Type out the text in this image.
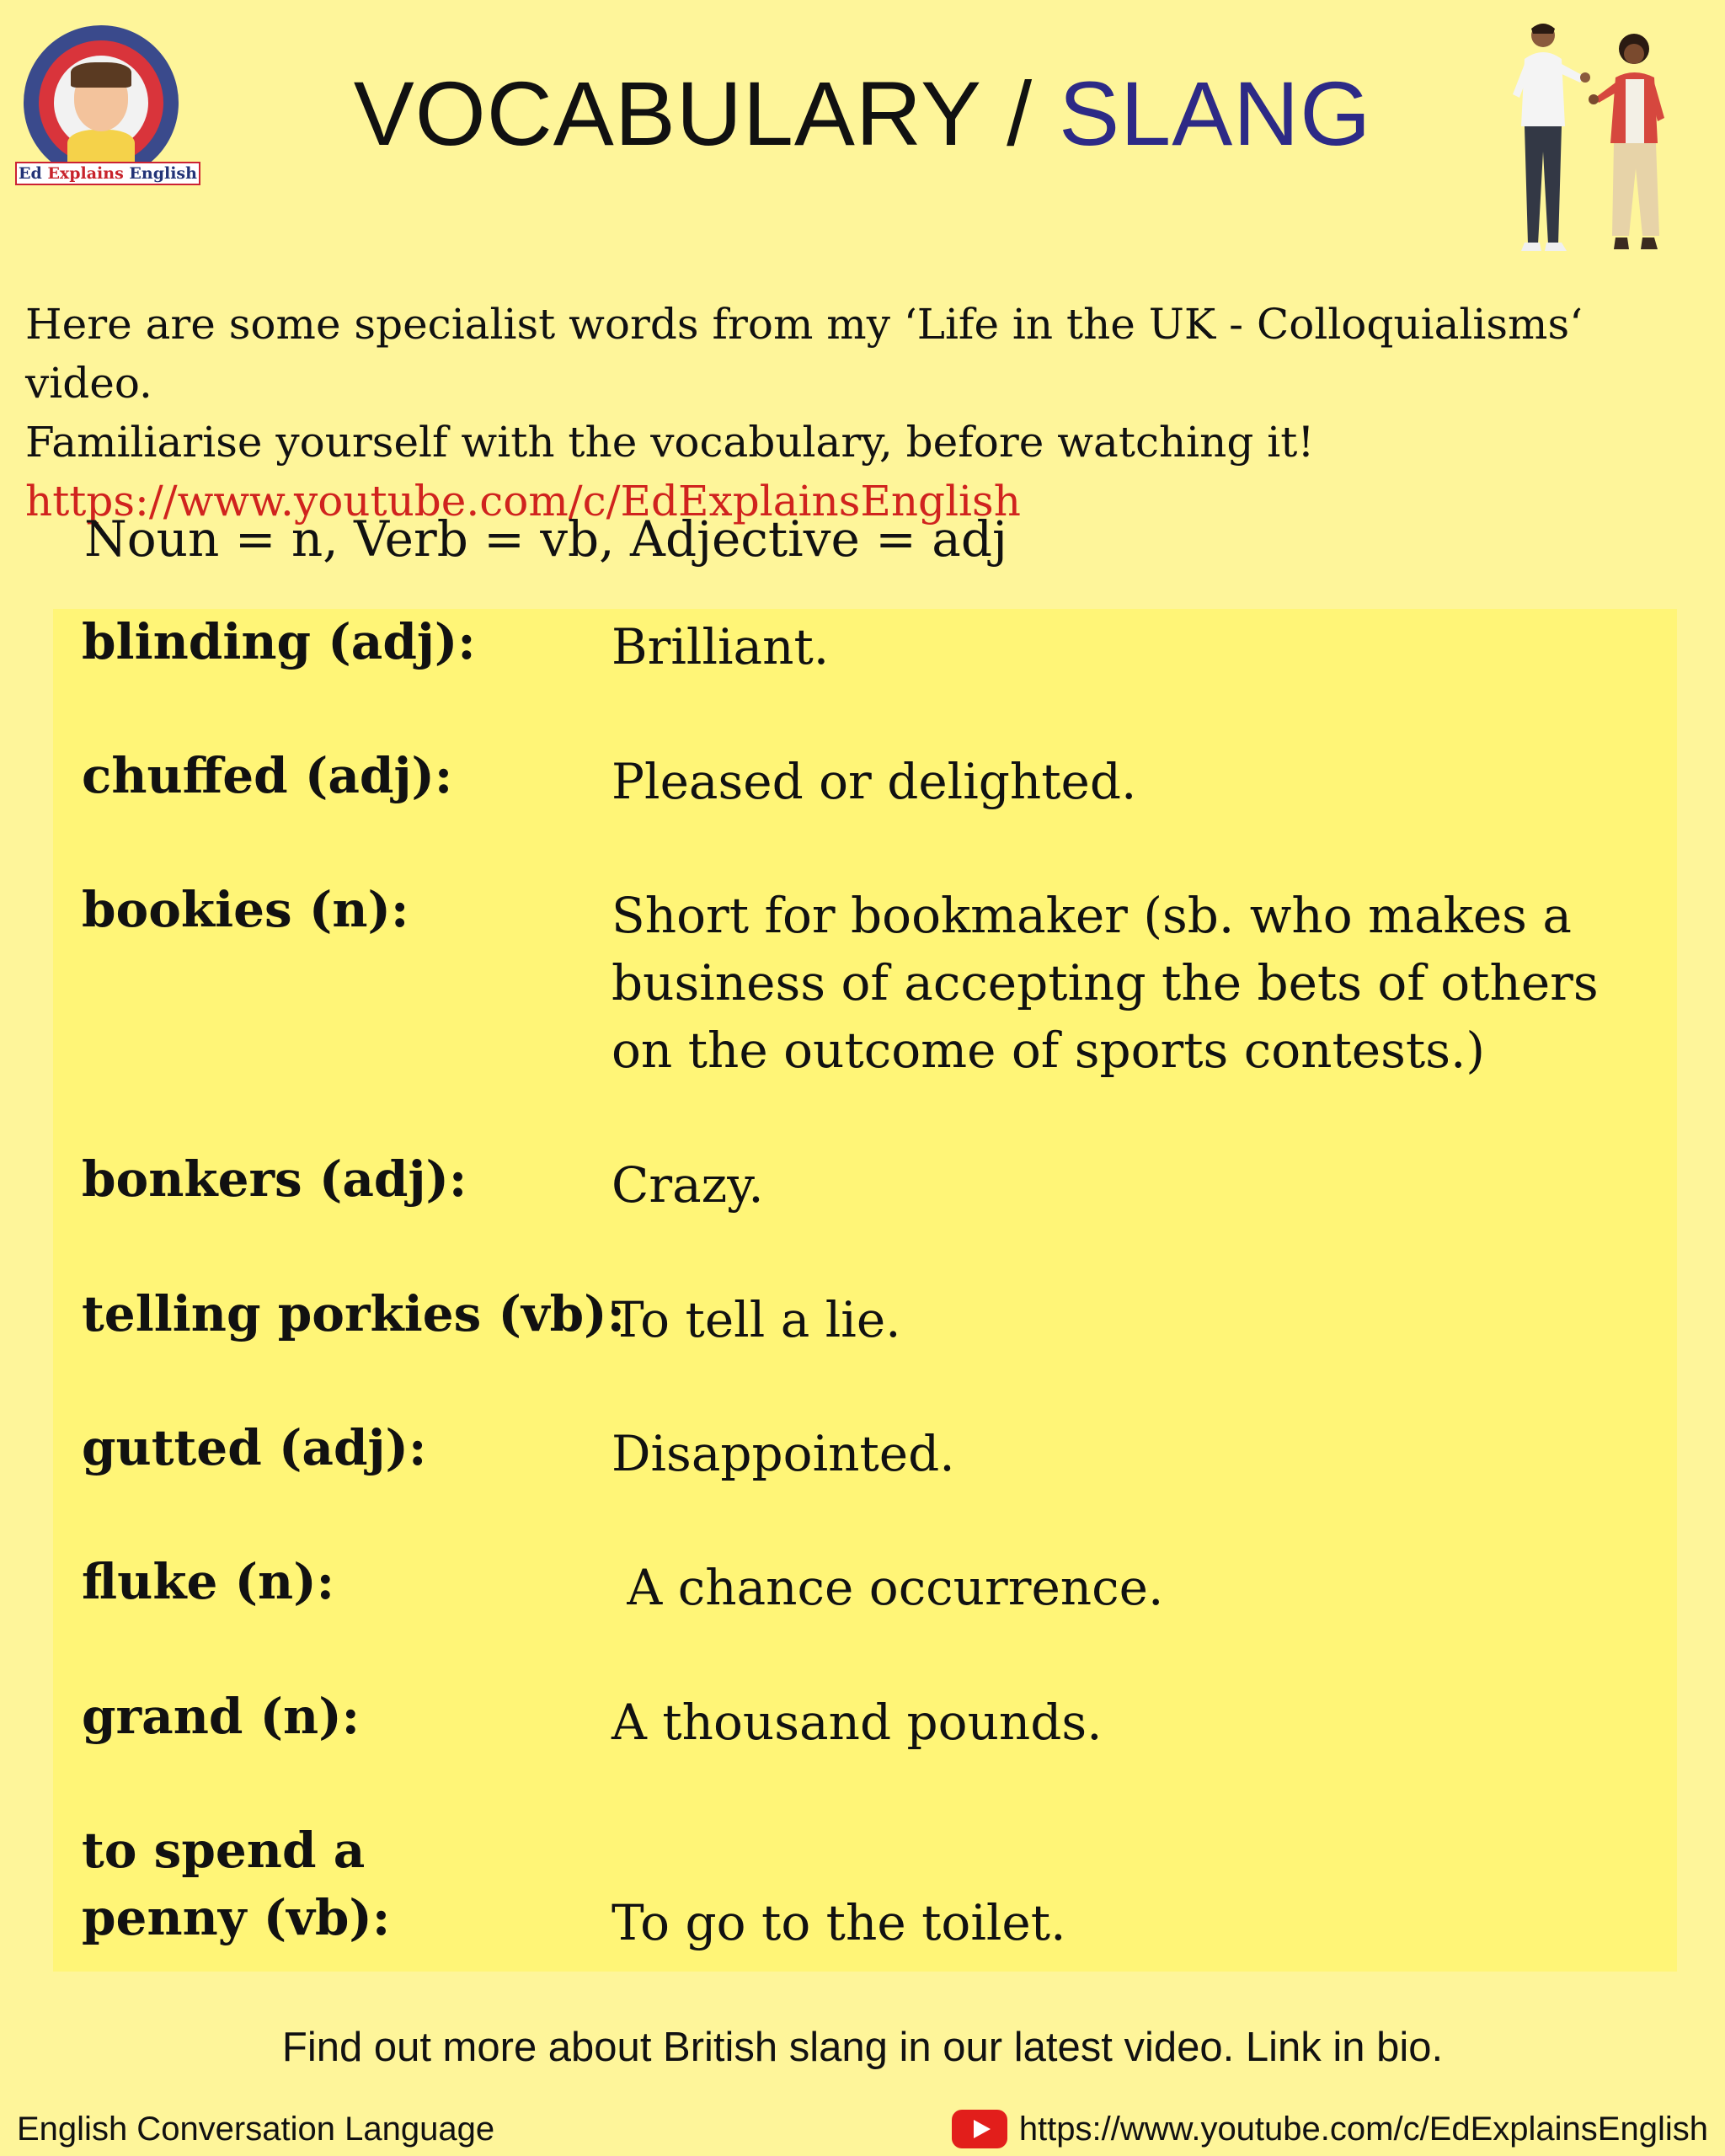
Ed Explains English
VOCABULARY / SLANG
Here are some specialist words from my ‘Life in the UK - Colloquialisms‘ video.
Familiarise yourself with the vocabulary, before watching it!
https://www.youtube.com/c/EdExplainsEnglish
Noun = n, Verb = vb, Adjective = adj
blinding (adj):	Brilliant.
chuffed (adj):	Pleased or delighted.
bookies (n):	Short for bookmaker (sb. who makes a business of accepting the bets of others on the outcome of sports contests.)
bonkers (adj):	Crazy.
telling porkies (vb):
To tell a lie.
gutted (adj):	Disappointed.
fluke (n):	A chance occurrence.
grand (n):	A thousand pounds.
to spend a penny (vb):	To go to the toilet.
Find out more about British slang in our latest video. Link in bio.
English Conversation Language	https://www.youtube.com/c/EdExplainsEnglish
